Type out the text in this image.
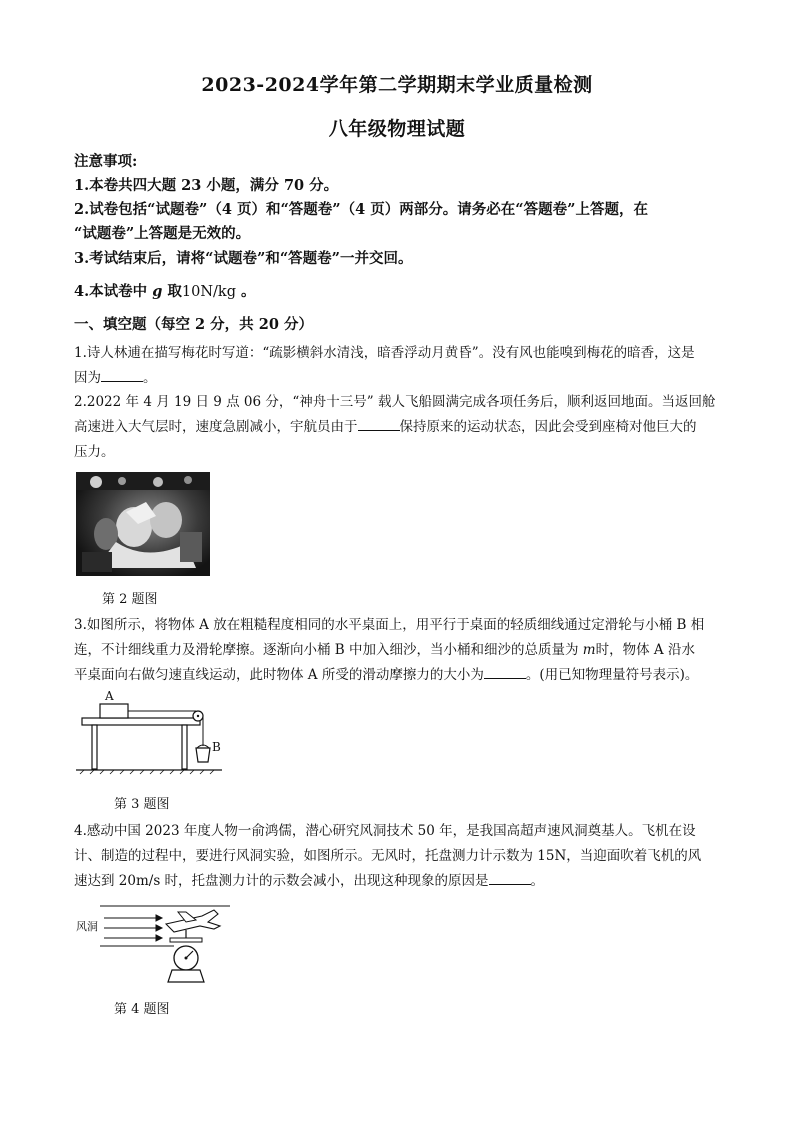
2023-2024学年第二学期期末学业质量检测
八年级物理试题
注意事项:
1.本卷共四大题 23 小题，满分 70 分。
2.试卷包括“试题卷”（4 页）和“答题卷”（4 页）两部分。请务必在“答题卷”上答题，在
“试题卷”上答题是无效的。
3.考试结束后，请将“试题卷”和“答题卷”一并交回。
4.本试卷中 g 取10N/kg 。
一、填空题（每空 2 分，共 20 分）
1.诗人林逋在描写梅花时写道：“疏影横斜水清浅，暗香浮动月黄昏”。没有风也能嗅到梅花的暗香，这是
因为	。
2.2022 年 4 月 19 日 9 点 06 分，“神舟十三号” 载人飞船圆满完成各项任务后，顺利返回地面。当返回舱
高速进入大气层时，速度急剧减小，宇航员由于	保持原来的运动状态，因此会受到座椅对他巨大的
压力。
第 2 题图
3.如图所示，将物体 A 放在粗糙程度相同的水平桌面上，用平行于桌面的轻质细线通过定滑轮与小桶 B 相
连，不计细线重力及滑轮摩擦。逐渐向小桶 B 中加入细沙，当小桶和细沙的总质量为 m时，物体 A 沿水
平桌面向右做匀速直线运动，此时物体 A 所受的滑动摩擦力的大小为	。(用已知物理量符号表示)。
A
B
第 3 题图
4.感动中国 2023 年度人物一俞鸿儒，潜心研究风洞技术 50 年，是我国高超声速风洞奠基人。飞机在设
计、制造的过程中，要进行风洞实验，如图所示。无风时，托盘测力计示数为 15N，当迎面吹着飞机的风
速达到 20m/s 时，托盘测力计的示数会减小，出现这种现象的原因是	。
风洞
第 4 题图
